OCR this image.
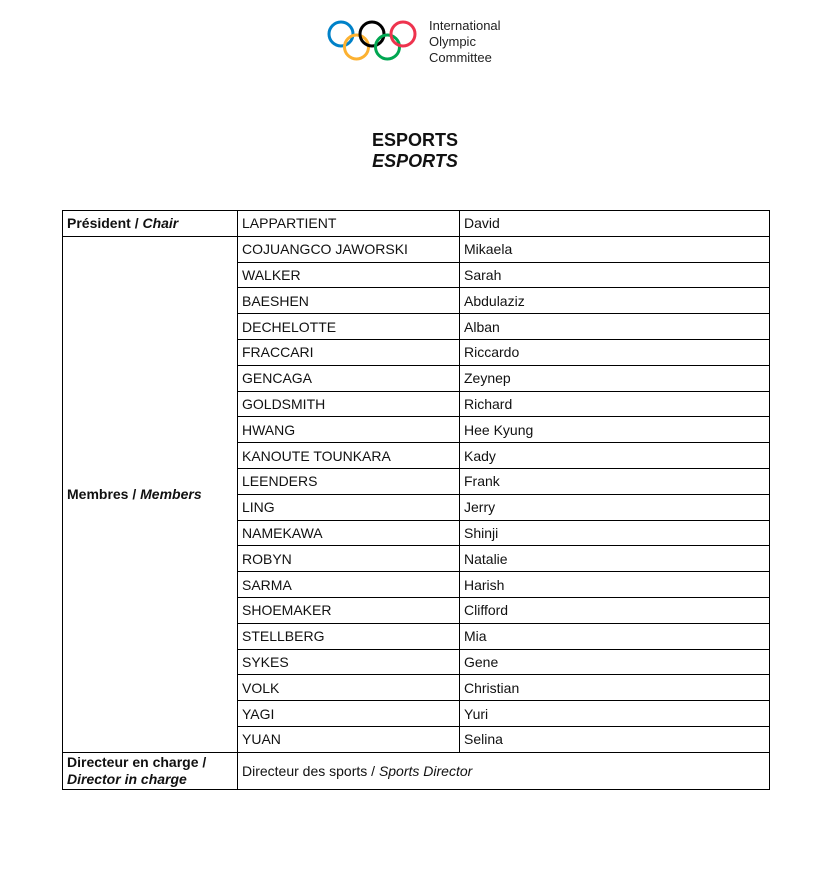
International
Olympic
Committee
ESPORTS
ESPORTS
Président / Chair	LAPPARTIENT	David
Membres / Members	COJUANGCO JAWORSKI	Mikaela
	WALKER	Sarah
	BAESHEN	Abdulaziz
	DECHELOTTE	Alban
	FRACCARI	Riccardo
	GENCAGA	Zeynep
	GOLDSMITH	Richard
	HWANG	Hee Kyung
	KANOUTE TOUNKARA	Kady
	LEENDERS	Frank
	LING	Jerry
	NAMEKAWA	Shinji
	ROBYN	Natalie
	SARMA	Harish
	SHOEMAKER	Clifford
	STELLBERG	Mia
	SYKES	Gene
	VOLK	Christian
	YAGI	Yuri
	YUAN	Selina
Directeur en charge /
Director in charge	Directeur des sports / Sports Director	
